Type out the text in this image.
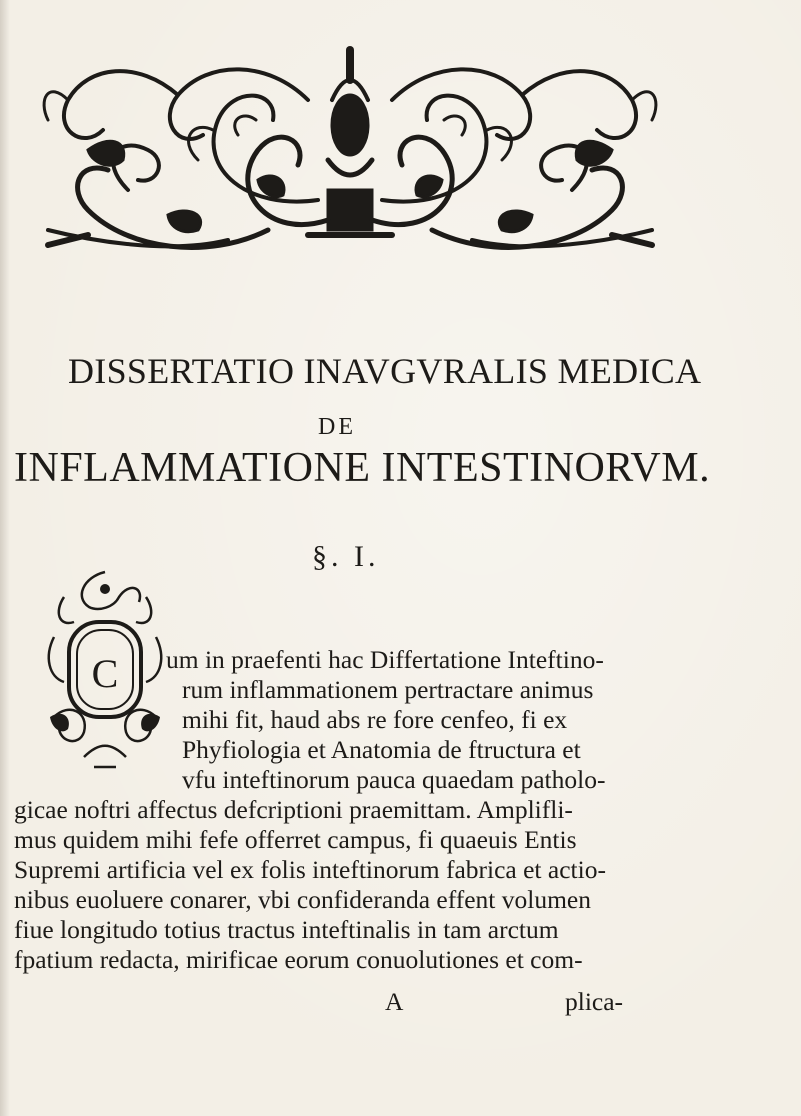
DISSERTATIO INAVGVRALIS MEDICA
DE
INFLAMMATIONE INTESTINORVM.
§. I.
C um in praefenti hac Differtatione Inteftino-
rum inflammationem pertractare animus
mihi fit, haud abs re fore cenfeo, fi ex
Phyfiologia et Anatomia de ftructura et
vfu inteftinorum pauca quaedam patholo-
gicae noftri affectus defcriptioni praemittam. Amplifli-
mus quidem mihi fefe offerret campus, fi quaeuis Entis
Supremi artificia vel ex folis inteftinorum fabrica et actio-
nibus euoluere conarer, vbi confideranda effent volumen
fiue longitudo totius tractus inteftinalis in tam arctum
fpatium redacta, mirificae eorum conuolutiones et com-
A	plica-
